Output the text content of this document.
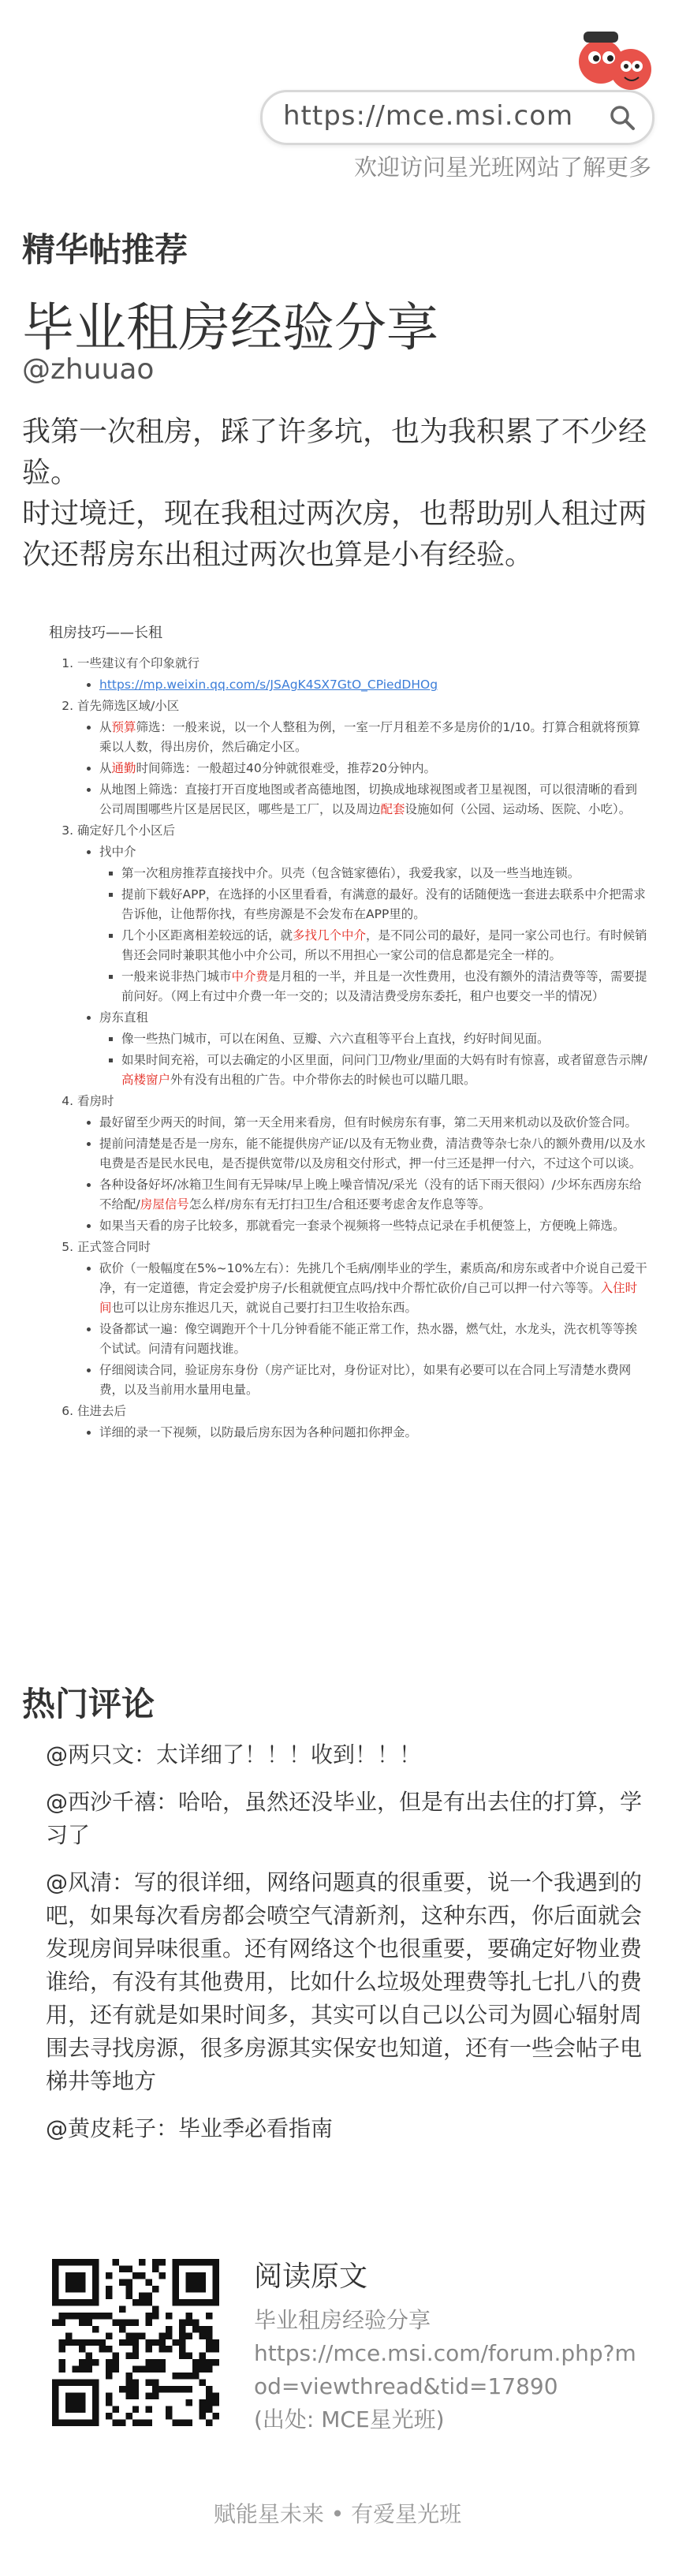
https://mce.msi.com
欢迎访问星光班网站了解更多
精华帖推荐
毕业租房经验分享
@zhuuao

我第一次租房，踩了许多坑，也为我积累了不少经验。

时过境迁，现在我租过两次房，也帮助别人租过两次还帮房东出租过两次也算是小有经验。

租房技巧——长租
1. 一些建议有个印象就行
• https://mp.weixin.qq.com/s/JSAgK4SX7GtO_CPiedDHOg
2. 首先筛选区域/小区
• 从预算筛选：一般来说，以一个人整租为例，一室一厅月租差不多是房价的1/10。打算合租就将预算乘以人数，得出房价，然后确定小区。
• 从通勤时间筛选：一般超过40分钟就很难受，推荐20分钟内。
• 从地图上筛选：直接打开百度地图或者高德地图，切换成地球视图或者卫星视图，可以很清晰的看到公司周围哪些片区是居民区，哪些是工厂，以及周边配套设施如何（公园、运动场、医院、小吃）。
3. 确定好几个小区后
• 找中介
▪ 第一次租房推荐直接找中介。贝壳（包含链家德佑），我爱我家，以及一些当地连锁。
▪ 提前下载好APP，在选择的小区里看看，有满意的最好。没有的话随便选一套进去联系中介把需求告诉他，让他帮你找，有些房源是不会发布在APP里的。
▪ 几个小区距离相差较远的话，就多找几个中介，是不同公司的最好，是同一家公司也行。有时候销售还会同时兼职其他小中介公司，所以不用担心一家公司的信息都是完全一样的。
▪ 一般来说非热门城市中介费是月租的一半，并且是一次性费用，也没有额外的清洁费等等，需要提前问好。（网上有过中介费一年一交的；以及清洁费受房东委托，租户也要交一半的情况）
• 房东直租
▪ 像一些热门城市，可以在闲鱼、豆瓣、六六直租等平台上直找，约好时间见面。
▪ 如果时间充裕，可以去确定的小区里面，问问门卫/物业/里面的大妈有时有惊喜，或者留意告示牌/高楼窗户外有没有出租的广告。中介带你去的时候也可以瞄几眼。
4. 看房时
• 最好留至少两天的时间，第一天全用来看房，但有时候房东有事，第二天用来机动以及砍价签合同。
• 提前问清楚是否是一房东，能不能提供房产证/以及有无物业费，清洁费等杂七杂八的额外费用/以及水电费是否是民水民电，是否提供宽带/以及房租交付形式，押一付三还是押一付六，不过这个可以谈。
• 各种设备好坏/冰箱卫生间有无异味/早上晚上噪音情况/采光（没有的话下雨天很闷）/少坏东西房东给不给配/房屋信号怎么样/房东有无打扫卫生/合租还要考虑舍友作息等等。
• 如果当天看的房子比较多，那就看完一套录个视频将一些特点记录在手机便签上，方便晚上筛选。
5. 正式签合同时
• 砍价（一般幅度在5%~10%左右）：先挑几个毛病/刚毕业的学生，素质高/和房东或者中介说自己爱干净，有一定道德，肯定会爱护房子/长租就便宜点吗/找中介帮忙砍价/自己可以押一付六等等。入住时间也可以让房东推迟几天，就说自己要打扫卫生收拾东西。
• 设备都试一遍：像空调跑开个十几分钟看能不能正常工作，热水器，燃气灶，水龙头，洗衣机等等挨个试试。问清有问题找谁。
• 仔细阅读合同，验证房东身份（房产证比对，身份证对比），如果有必要可以在合同上写清楚水费网费，以及当前用水量用电量。
6. 住进去后
• 详细的录一下视频，以防最后房东因为各种问题扣你押金。
热门评论
@两只文：太详细了！！！收到！！！
@西沙千禧：哈哈，虽然还没毕业，但是有出去住的打算，学习了
@风清：写的很详细，网络问题真的很重要，说一个我遇到的吧，如果每次看房都会喷空气清新剂，这种东西，你后面就会发现房间异味很重。还有网络这个也很重要，要确定好物业费谁给，有没有其他费用，比如什么垃圾处理费等扎七扎八的费用，还有就是如果时间多，其实可以自己以公司为圆心辐射周围去寻找房源，很多房源其实保安也知道，还有一些会帖子电梯井等地方
@黄皮耗子：毕业季必看指南
阅读原文
毕业租房经验分享
https://mce.msi.com/forum.php?mod=viewthread&tid=17890
(出处: MCE星光班)
赋能星未来 • 有爱星光班
